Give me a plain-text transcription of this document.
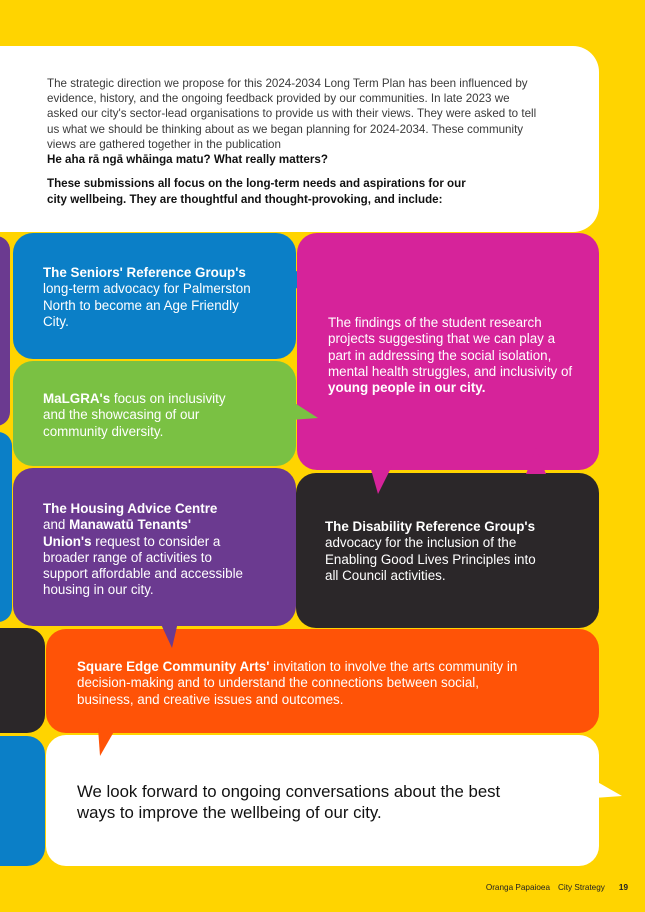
The strategic direction we propose for this 2024-2034 Long Term Plan has been influenced by evidence, history, and the ongoing feedback provided by our communities. In late 2023 we asked our city's sector-lead organisations to provide us with their views. They were asked to tell us what we should be thinking about as we began planning for 2024-2034. These community views are gathered together in the publication
He aha rā ngā whāinga matu? What really matters?

These submissions all focus on the long-term needs and aspirations for our city wellbeing. They are thoughtful and thought-provoking, and include:

The Seniors' Reference Group's long-term advocacy for Palmerston North to become an Age Friendly City.	The findings of the student research projects suggesting that we can play a part in addressing the social isolation, mental health struggles, and inclusivity of young people in our city.

MaLGRA's focus on inclusivity and the showcasing of our community diversity.

The Disability Reference Group's advocacy for the inclusion of the Enabling Good Lives Principles into all Council activities.

The Housing Advice Centre and Manawatū Tenants' Union's request to consider a broader range of activities to support affordable and accessible housing in our city.

Square Edge Community Arts' invitation to involve the arts community in decision-making and to understand the connections between social, business, and creative issues and outcomes.

We look forward to ongoing conversations about the best ways to improve the wellbeing of our city.

Oranga Papaioea City Strategy 19
